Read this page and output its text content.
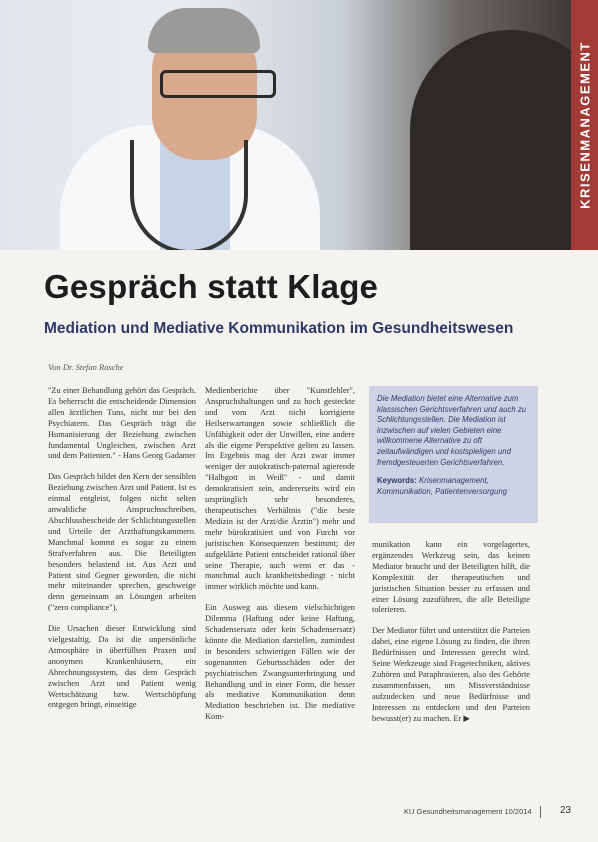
KRISENMANAGEMENT
Gespräch statt Klage
Mediation und Mediative Kommunikation im Gesundheitswesen
Von Dr. Stefan Rasche

"Zu einer Behandlung gehört das Gespräch. Es beherrscht die entscheidende Dimension allen ärztlichen Tuns, nicht nur bei den Psychiatern. Das Gespräch trägt die Humanisierung der Beziehung zwischen fundamental Ungleichen, zwischen Arzt und dem Patienten." - Hans Georg Gadamer

Das Gespräch bildet den Kern der sensiblen Beziehung zwischen Arzt und Patient. Ist es einmal entgleist, folgen nicht selten anwaltliche Anspruchsschreiben, Abschlussbescheide der Schlichtungsstellen und Urteile der Arzthaftungskammern. Manchmal kommt es sogar zu einem Strafverfahren aus. Die Beteiligten besonders belastend ist. Aus Arzt und Patient sind Gegner geworden, die nicht mehr miteinander sprechen, geschweige denn gemeinsam an Lösungen arbeiten ("zero compliance").

Die Ursachen dieser Entwicklung sind vielgestaltig. Da ist die unpersönliche Atmosphäre in überfüllten Praxen und anonymen Krankenhäusern, ein Abrechnungssystem, das dem Gespräch zwischen Arzt und Patient wenig Wertschätzung bzw. Wertschöpfung entgegen bringt, einseitige

Medienberichte über "Kunstfehler", Anspruchshaltungen und zu hoch gesteckte und vom Arzt nicht korrigierte Heilserwartungen sowie schließlich die Unfähigkeit oder der Unwillen, eine andere als die eigene Perspektive gelten zu lassen. Im Ergebnis mag der Arzt zwar immer weniger der autokratisch-paternal agierende "Halbgott in Weiß" - und damit demokratisiert sein, andererseits wird ein ursprünglich sehr besonderes, therapeutisches Verhältnis ("die beste Medizin ist der Arzt/die Ärztin") mehr und mehr bürokratisiert und von Furcht vor juristischen Konsequenzen bestimmt; der aufgeklärte Patient entscheidet rational über seine Therapie, auch wenn er das - manchmal auch krankheitsbedingt - nicht immer wirklich möchte und kann.

Ein Ausweg aus diesem vielschichtigen Dilemma (Haftung oder keine Haftung, Schadensersatz oder kein Schadensersatz) könnte die Mediation darstellen, zumindest in besonders schwierigen Fällen wie der sogenannten Geburtsschäden oder der psychiatrischen Zwangsunterbringung und Behandlung und in einer Form, die besser als mediative Kommunikation denn Mediation beschrieben ist. Die mediative Kom-

Die Mediation bietet eine Alternative zum klassischen Gerichtsverfahren und auch zu Schlichtungsstellen. Die Mediation ist inzwischen auf vielen Gebieten eine willkommene Alternative zu oft zeitaufwändigen und kostspieligen und fremdgesteuerten Gerichtsverfahren.

Keywords: Krisenmanagement, Kommunikation, Patientenversorgung

munikation kann ein vorgelagertes, ergänzendes Werkzeug sein, das keinen Mediator braucht und der Beteiligten hilft, die Komplexität der therapeutischen und juristischen Situation besser zu erfassen und einer Lösung zuzuführen, die alle Beteiligte tolerieren.

Der Mediator führt und unterstützt die Parteien dabei, eine eigene Lösung zu finden, die ihren Bedürfnissen und Interessen gerecht wird. Seine Werkzeuge sind Fragetechniken, aktives Zuhören und Paraphrasieren, also des Gehörte zusammenfassen, um Missverständnisse aufzudecken und neue Bedürfnisse und Interessen zu entdecken und den Parteien bewusst(er) zu machen. Er ▶

KU Gesundheitsmanagement 10/2014	23
